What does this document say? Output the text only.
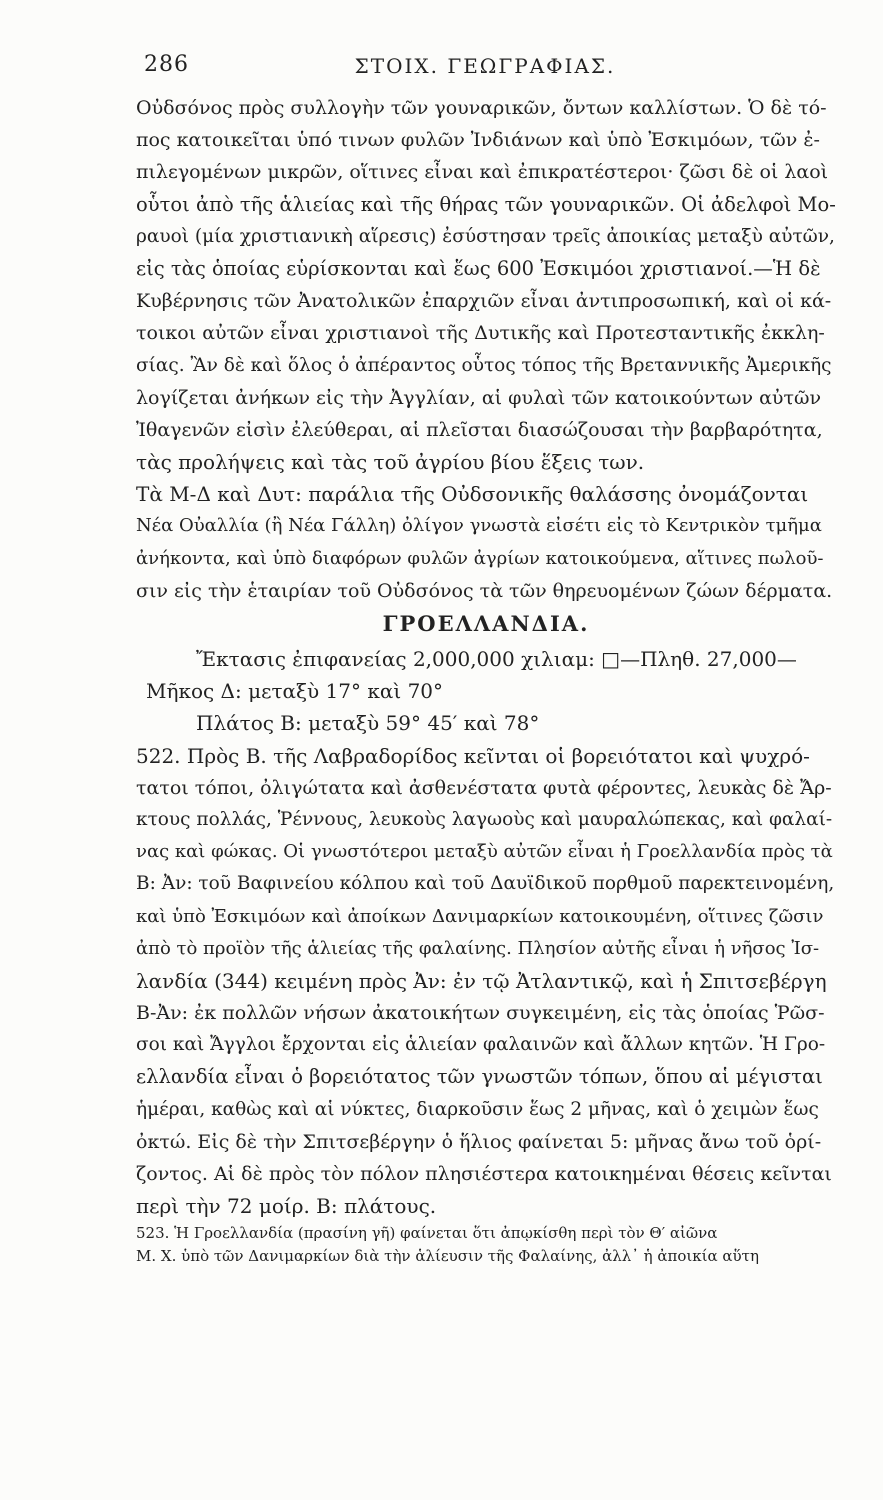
286	ΣΤΟΙΧ. ΓΕΩΓΡΑΦΙΑΣ.
Οὐδσόνος πρὸς συλλογὴν τῶν γουναρικῶν, ὄντων καλλίστων. Ὁ δὲ τό-
πος κατοικεῖται ὑπό τινων φυλῶν Ἰνδιάνων καὶ ὑπὸ Ἐσκιμόων, τῶν ἐ-
πιλεγομένων μικρῶν, οἵτινες εἶναι καὶ ἐπικρατέστεροι· ζῶσι δὲ οἱ λαοὶ
οὗτοι ἀπὸ τῆς ἁλιείας καὶ τῆς θήρας τῶν γουναρικῶν. Οἱ ἀδελφοὶ Μο-
ραυοὶ (μία χριστιανικὴ αἵρεσις) ἐσύστησαν τρεῖς ἀποικίας μεταξὺ αὐτῶν,
εἰς τὰς ὁποίας εὑρίσκονται καὶ ἕως 600 Ἐσκιμόοι χριστιανοί.—Ἡ δὲ
Κυβέρνησις τῶν Ἀνατολικῶν ἐπαρχιῶν εἶναι ἀντιπροσωπική, καὶ οἱ κά-
τοικοι αὐτῶν εἶναι χριστιανοὶ τῆς Δυτικῆς καὶ Προτεσταντικῆς ἐκκλη-
σίας. Ἂν δὲ καὶ ὅλος ὁ ἀπέραντος οὗτος τόπος τῆς Βρεταννικῆς Ἀμερικῆς
λογίζεται ἀνήκων εἰς τὴν Ἀγγλίαν, αἱ φυλαὶ τῶν κατοικούντων αὐτῶν
Ἰθαγενῶν εἰσὶν ἐλεύθεραι, αἱ πλεῖσται διασώζουσαι τὴν βαρβαρότητα,
τὰς προλήψεις καὶ τὰς τοῦ ἀγρίου βίου ἕξεις των.
Τὰ Μ-Δ καὶ Δυτ: παράλια τῆς Οὐδσονικῆς θαλάσσης ὀνομάζονται
Νέα Οὐαλλία (ἢ Νέα Γάλλη) ὀλίγον γνωστὰ εἰσέτι εἰς τὸ Κεντρικὸν τμῆμα
ἀνήκοντα, καὶ ὑπὸ διαφόρων φυλῶν ἀγρίων κατοικούμενα, αἵτινες πωλοῦ-
σιν εἰς τὴν ἑταιρίαν τοῦ Οὐδσόνος τὰ τῶν θηρευομένων ζώων δέρματα.
ΓΡΟΕΛΛΑΝΔΙΑ.
Ἔκτασις ἐπιφανείας 2,000,000 χιλιαμ: □—Πληθ. 27,000—
Μῆκος Δ: μεταξὺ 17° καὶ 70°
Πλάτος Β: μεταξὺ 59° 45′ καὶ 78°
522. Πρὸς Β. τῆς Λαβραδορίδος κεῖνται οἱ βορειότατοι καὶ ψυχρό-
τατοι τόποι, ὀλιγώτατα καὶ ἀσθενέστατα φυτὰ φέροντες, λευκὰς δὲ Ἄρ-
κτους πολλάς, Ῥέννους, λευκοὺς λαγωοὺς καὶ μαυραλώπεκας, καὶ φαλαί-
νας καὶ φώκας. Οἱ γνωστότεροι μεταξὺ αὐτῶν εἶναι ἡ Γροελλανδία πρὸς τὰ
Β: Ἀν: τοῦ Βαφινείου κόλπου καὶ τοῦ Δαυϊδικοῦ πορθμοῦ παρεκτεινομένη,
καὶ ὑπὸ Ἐσκιμόων καὶ ἀποίκων Δανιμαρκίων κατοικουμένη, οἵτινες ζῶσιν
ἀπὸ τὸ προϊὸν τῆς ἁλιείας τῆς φαλαίνης. Πλησίον αὐτῆς εἶναι ἡ νῆσος Ἰσ-
λανδία (344) κειμένη πρὸς Ἀν: ἐν τῷ Ἀτλαντικῷ, καὶ ἡ Σπιτσεβέργη
Β-Ἀν: ἐκ πολλῶν νήσων ἀκατοικήτων συγκειμένη, εἰς τὰς ὁποίας Ῥῶσ-
σοι καὶ Ἄγγλοι ἔρχονται εἰς ἁλιείαν φαλαινῶν καὶ ἄλλων κητῶν. Ἡ Γρο-
ελλανδία εἶναι ὁ βορειότατος τῶν γνωστῶν τόπων, ὅπου αἱ μέγισται
ἡμέραι, καθὼς καὶ αἱ νύκτες, διαρκοῦσιν ἕως 2 μῆνας, καὶ ὁ χειμὼν ἕως
ὀκτώ. Εἰς δὲ τὴν Σπιτσεβέργην ὁ ἥλιος φαίνεται 5: μῆνας ἄνω τοῦ ὁρί-
ζοντος. Αἱ δὲ πρὸς τὸν πόλον πλησιέστερα κατοικημέναι θέσεις κεῖνται
περὶ τὴν 72 μοίρ. Β: πλάτους.
523. Ἡ Γροελλανδία (πρασίνη γῆ) φαίνεται ὅτι ἀπῳκίσθη περὶ τὸν Θ′ αἰῶνα
Μ. Χ. ὑπὸ τῶν Δανιμαρκίων διὰ τὴν ἁλίευσιν τῆς Φαλαίνης, ἀλλ᾽ ἡ ἀποικία αὕτη
